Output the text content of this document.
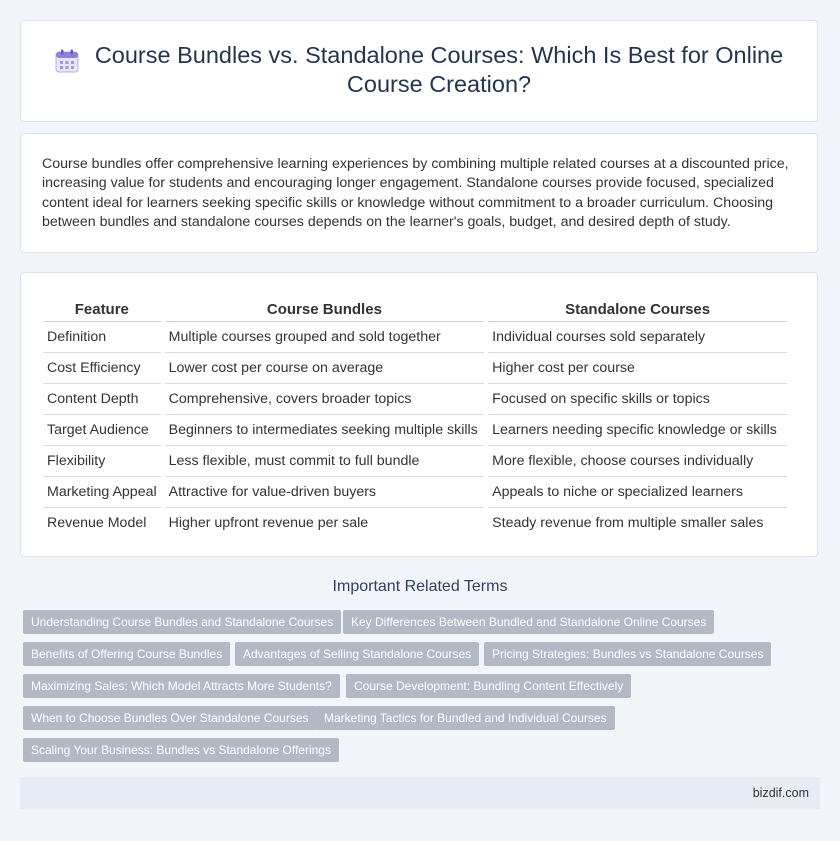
Course Bundles vs. Standalone Courses: Which Is Best for Online Course Creation?

Course bundles offer comprehensive learning experiences by combining multiple related courses at a discounted price, increasing value for students and encouraging longer engagement. Standalone courses provide focused, specialized content ideal for learners seeking specific skills or knowledge without commitment to a broader curriculum. Choosing between bundles and standalone courses depends on the learner's goals, budget, and desired depth of study.

Feature	Course Bundles	Standalone Courses
Definition	Multiple courses grouped and sold together	Individual courses sold separately
Cost Efficiency	Lower cost per course on average	Higher cost per course
Content Depth	Comprehensive, covers broader topics	Focused on specific skills or topics
Target Audience	Beginners to intermediates seeking multiple skills	Learners needing specific knowledge or skills
Flexibility	Less flexible, must commit to full bundle	More flexible, choose courses individually
Marketing Appeal	Attractive for value-driven buyers	Appeals to niche or specialized learners
Revenue Model	Higher upfront revenue per sale	Steady revenue from multiple smaller sales
Important Related Terms
Understanding Course Bundles and Standalone Courses	Key Differences Between Bundled and Standalone Online Courses
Benefits of Offering Course Bundles	Advantages of Selling Standalone Courses	Pricing Strategies: Bundles vs Standalone Courses
Maximizing Sales: Which Model Attracts More Students?	Course Development: Bundling Content Effectively
When to Choose Bundles Over Standalone Courses	Marketing Tactics for Bundled and Individual Courses
Scaling Your Business: Bundles vs Standalone Offerings
bizdif.com
